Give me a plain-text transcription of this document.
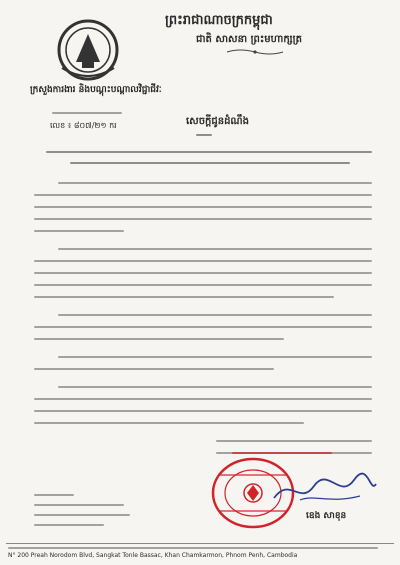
ព្រះរាជាណាចក្រកម្ពុជា
ជាតិ សាសនា ព្រះមហាក្សត្រ
ក្រសួងការងារ និងបណ្តុះបណ្តាលវិជ្ជាជីវៈ
លេខ ៖ ៨០៧/២១ ករ	សេចក្តីជូនដំណឹង
ឧេង សាខុន
N° 200 Preah Norodom Blvd, Sangkat Tonle Bassac, Khan Chamkarmon, Phnom Penh, Cambodia
